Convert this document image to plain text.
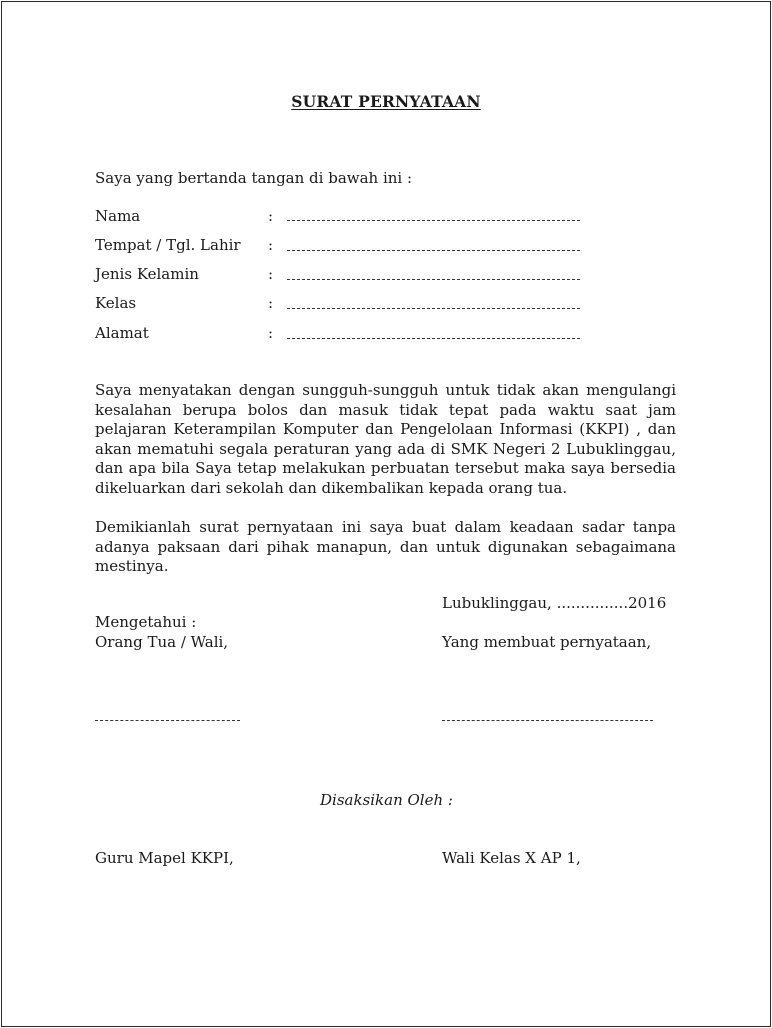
SURAT PERNYATAAN
Saya yang bertanda tangan di bawah ini :
Nama	:
Tempat / Tgl. Lahir :
Jenis Kelamin	:
Kelas	:
Alamat	:
Saya menyatakan dengan sungguh-sungguh untuk tidak akan mengulangi kesalahan berupa bolos dan masuk tidak tepat pada waktu saat jam pelajaran Keterampilan Komputer dan Pengelolaan Informasi (KKPI) , dan akan mematuhi segala peraturan yang ada di SMK Negeri 2 Lubuklinggau, dan apa bila Saya tetap melakukan perbuatan tersebut maka saya bersedia dikeluarkan dari sekolah dan dikembalikan kepada orang tua.
Demikianlah surat pernyataan ini saya buat dalam keadaan sadar tanpa adanya paksaan dari pihak manapun, dan untuk digunakan sebagaimana mestinya.
Lubuklinggau, ...............2016
Mengetahui :
Orang Tua / Wali,	Yang membuat pernyataan,
Disaksikan Oleh :
Guru Mapel KKPI,	Wali Kelas X AP 1,
